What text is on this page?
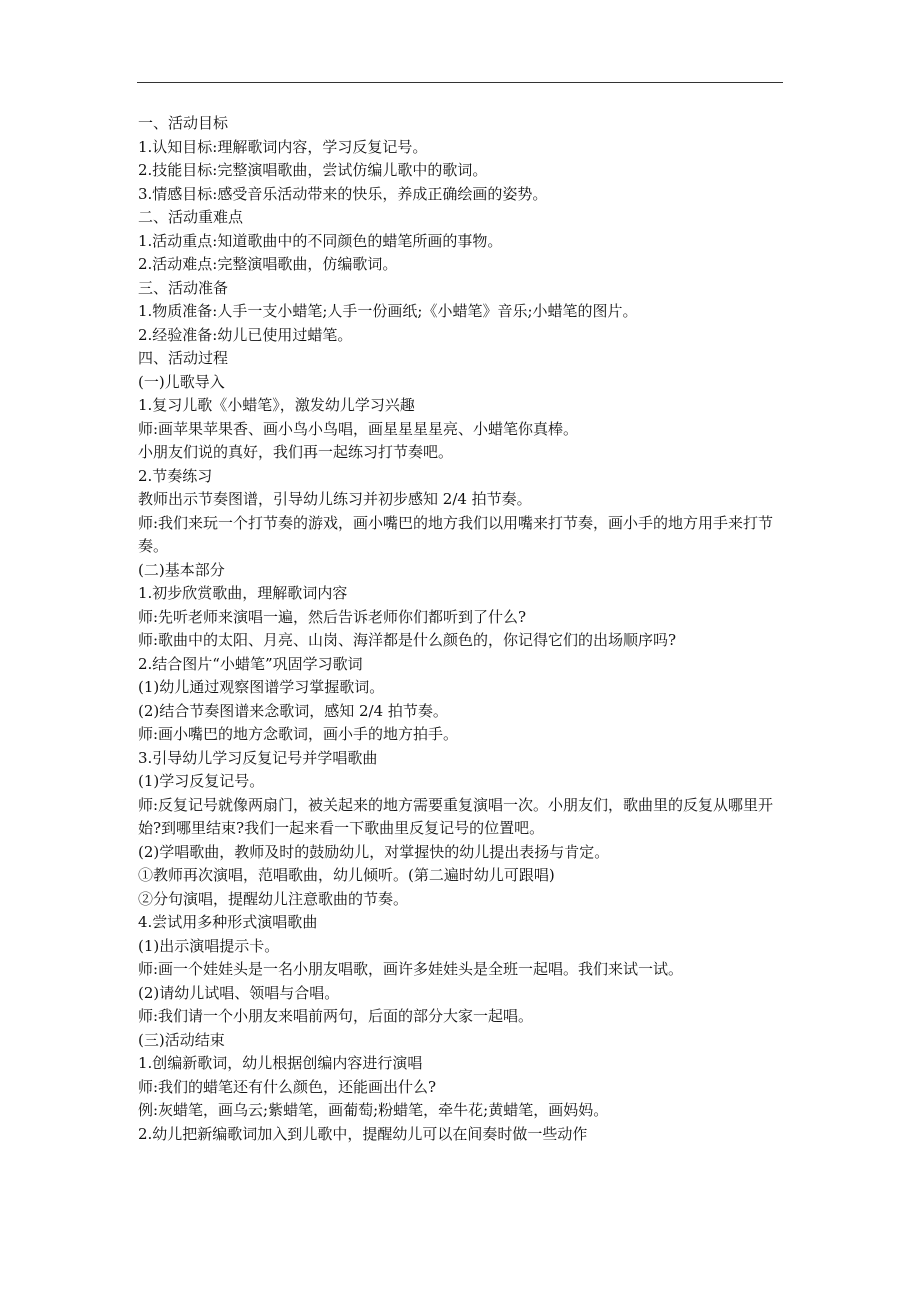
一、活动目标
1.认知目标:理解歌词内容，学习反复记号。
2.技能目标:完整演唱歌曲，尝试仿编儿歌中的歌词。
3.情感目标:感受音乐活动带来的快乐，养成正确绘画的姿势。
二、活动重难点
1.活动重点:知道歌曲中的不同颜色的蜡笔所画的事物。
2.活动难点:完整演唱歌曲，仿编歌词。
三、活动准备
1.物质准备:人手一支小蜡笔;人手一份画纸;《小蜡笔》音乐;小蜡笔的图片。
2.经验准备:幼儿已使用过蜡笔。
四、活动过程
(一)儿歌导入
1.复习儿歌《小蜡笔》，激发幼儿学习兴趣
师:画苹果苹果香、画小鸟小鸟唱，画星星星星亮、小蜡笔你真棒。
小朋友们说的真好，我们再一起练习打节奏吧。
2.节奏练习
教师出示节奏图谱，引导幼儿练习并初步感知 2/4 拍节奏。
师:我们来玩一个打节奏的游戏，画小嘴巴的地方我们以用嘴来打节奏，画小手的地方用手来打节奏。
(二)基本部分
1.初步欣赏歌曲，理解歌词内容
师:先听老师来演唱一遍，然后告诉老师你们都听到了什么?
师:歌曲中的太阳、月亮、山岗、海洋都是什么颜色的，你记得它们的出场顺序吗?
2.结合图片“小蜡笔”巩固学习歌词
(1)幼儿通过观察图谱学习掌握歌词。
(2)结合节奏图谱来念歌词，感知 2/4 拍节奏。
师:画小嘴巴的地方念歌词，画小手的地方拍手。
3.引导幼儿学习反复记号并学唱歌曲
(1)学习反复记号。
师:反复记号就像两扇门，被关起来的地方需要重复演唱一次。小朋友们，歌曲里的反复从哪里开始?到哪里结束?我们一起来看一下歌曲里反复记号的位置吧。
(2)学唱歌曲，教师及时的鼓励幼儿，对掌握快的幼儿提出表扬与肯定。
①教师再次演唱，范唱歌曲，幼儿倾听。(第二遍时幼儿可跟唱)
②分句演唱，提醒幼儿注意歌曲的节奏。
4.尝试用多种形式演唱歌曲
(1)出示演唱提示卡。
师:画一个娃娃头是一名小朋友唱歌，画许多娃娃头是全班一起唱。我们来试一试。
(2)请幼儿试唱、领唱与合唱。
师:我们请一个小朋友来唱前两句，后面的部分大家一起唱。
(三)活动结束
1.创编新歌词，幼儿根据创编内容进行演唱
师:我们的蜡笔还有什么颜色，还能画出什么?
例:灰蜡笔，画乌云;紫蜡笔，画葡萄;粉蜡笔，牵牛花;黄蜡笔，画妈妈。
2.幼儿把新编歌词加入到儿歌中，提醒幼儿可以在间奏时做一些动作
